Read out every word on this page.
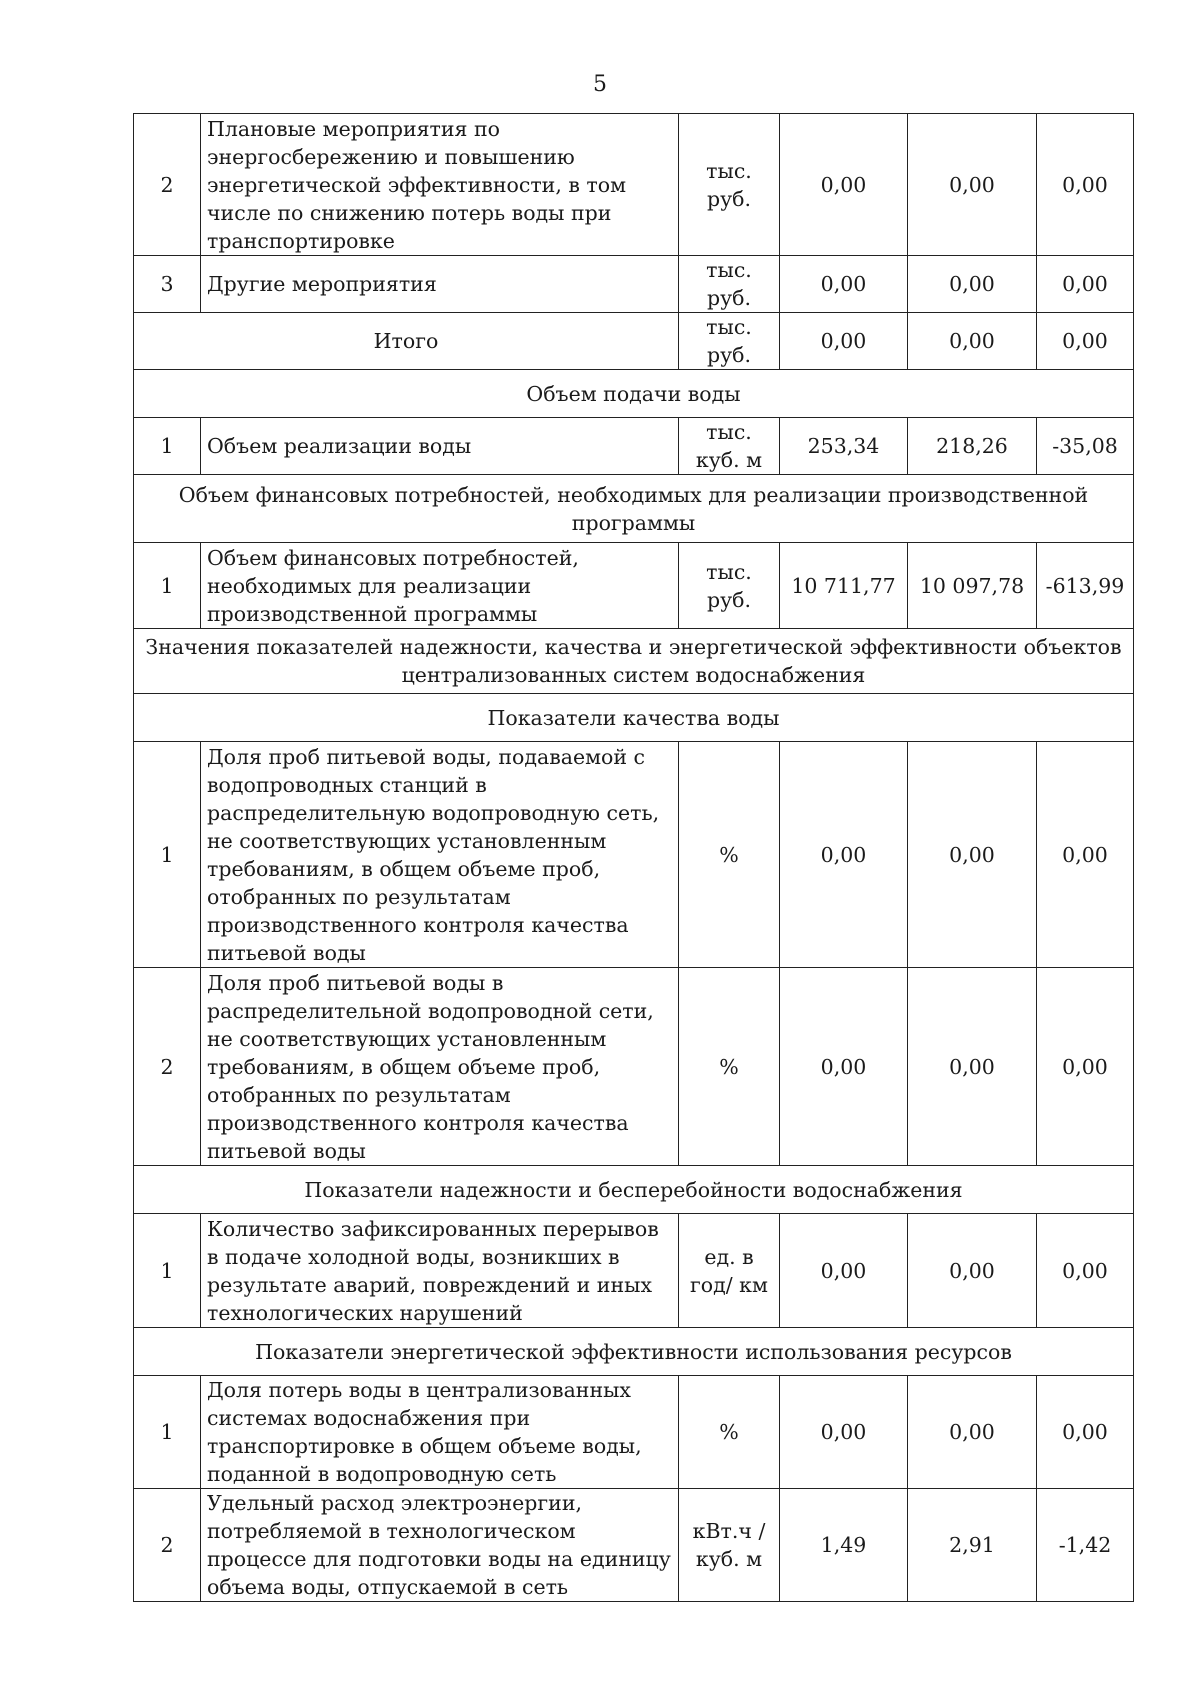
5
2	Плановые мероприятия по энергосбережению и повышению энергетической эффективности, в том числе по снижению потерь воды при транспортировке	тыс. руб.	0,00	0,00	0,00
3	Другие мероприятия	тыс. руб.	0,00	0,00	0,00
Итого		тыс. руб.	0,00	0,00	0,00
Объем подачи воды					
1	Объем реализации воды	тыс. куб. м	253,34	218,26	-35,08
Объем финансовых потребностей, необходимых для реализации производственной программы					
1	Объем финансовых потребностей, необходимых для реализации производственной программы	тыс. руб.	10 711,77	10 097,78	-613,99
Значения показателей надежности, качества и энергетической эффективности объектов централизованных систем водоснабжения					
Показатели качества воды					
1	Доля проб питьевой воды, подаваемой с водопроводных станций в распределительную водопроводную сеть, не соответствующих установленным требованиям, в общем объеме проб, отобранных по результатам производственного контроля качества питьевой воды	%	0,00	0,00	0,00
2	Доля проб питьевой воды в распределительной водопроводной сети, не соответствующих установленным требованиям, в общем объеме проб, отобранных по результатам производственного контроля качества питьевой воды	%	0,00	0,00	0,00
Показатели надежности и бесперебойности водоснабжения					
1	Количество зафиксированных перерывов в подаче холодной воды, возникших в результате аварий, повреждений и иных технологических нарушений	ед. в год/ км	0,00	0,00	0,00
Показатели энергетической эффективности использования ресурсов					
1	Доля потерь воды в централизованных системах водоснабжения при транспортировке в общем объеме воды, поданной в водопроводную сеть	%	0,00	0,00	0,00
2	Удельный расход электроэнергии, потребляемой в технологическом процессе для подготовки воды на единицу объема воды, отпускаемой в сеть	кВт.ч / куб. м	1,49	2,91	-1,42
